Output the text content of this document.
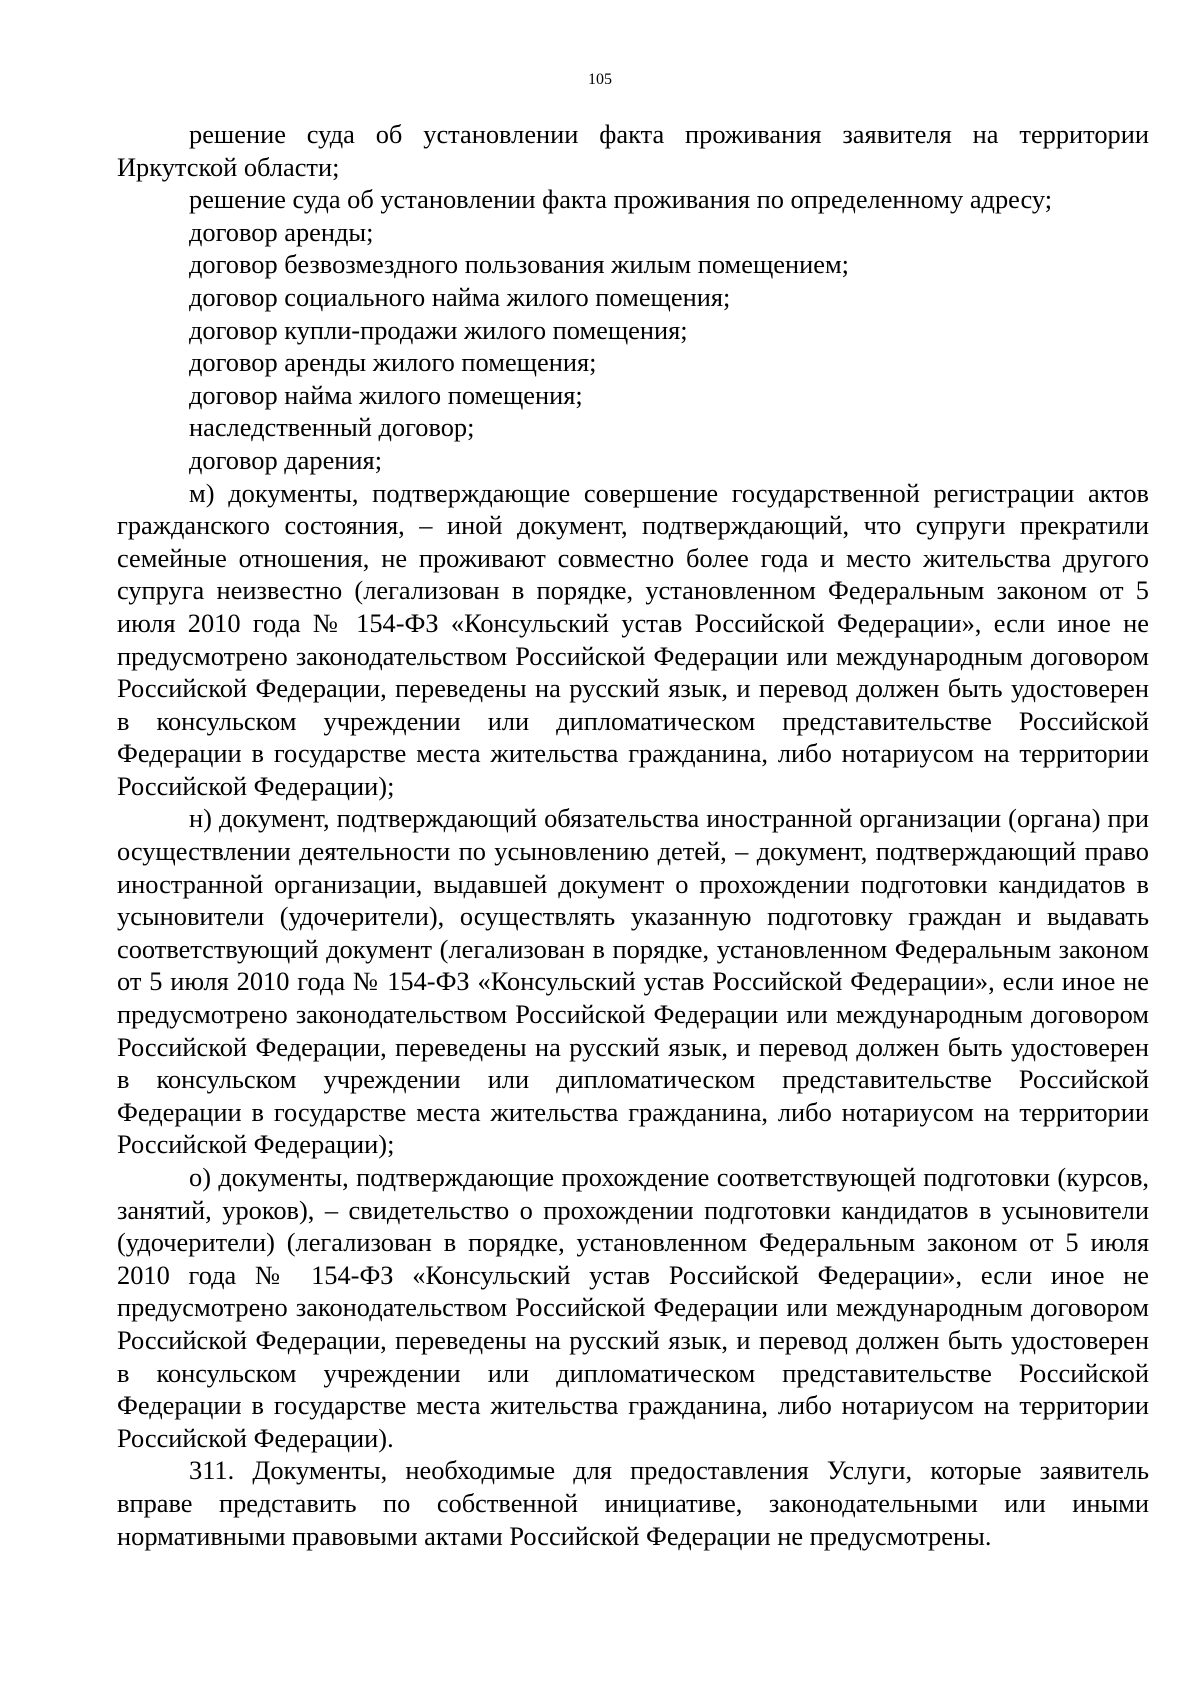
105

решение суда об установлении факта проживания заявителя на территории Иркутской области;

решение суда об установлении факта проживания по определенному адресу;

договор аренды;

договор безвозмездного пользования жилым помещением;

договор социального найма жилого помещения;

договор купли-продажи жилого помещения;

договор аренды жилого помещения;

договор найма жилого помещения;

наследственный договор;

договор дарения;

м) документы, подтверждающие совершение государственной регистрации актов гражданского состояния, – иной документ, подтверждающий, что супруги прекратили семейные отношения, не проживают совместно более года и место жительства другого супруга неизвестно (легализован в порядке, установленном Федеральным законом от 5 июля 2010 года № 154-ФЗ «Консульский устав Российской Федерации», если иное не предусмотрено законодательством Российской Федерации или международным договором Российской Федерации, переведены на русский язык, и перевод должен быть удостоверен в консульском учреждении или дипломатическом представительстве Российской Федерации в государстве места жительства гражданина, либо нотариусом на территории Российской Федерации);

н) документ, подтверждающий обязательства иностранной организации (органа) при осуществлении деятельности по усыновлению детей, – документ, подтверждающий право иностранной организации, выдавшей документ о прохождении подготовки кандидатов в усыновители (удочерители), осуществлять указанную подготовку граждан и выдавать соответствующий документ (легализован в порядке, установленном Федеральным законом от 5 июля 2010 года № 154-ФЗ «Консульский устав Российской Федерации», если иное не предусмотрено законодательством Российской Федерации или международным договором Российской Федерации, переведены на русский язык, и перевод должен быть удостоверен в консульском учреждении или дипломатическом представительстве Российской Федерации в государстве места жительства гражданина, либо нотариусом на территории Российской Федерации);

о) документы, подтверждающие прохождение соответствующей подготовки (курсов, занятий, уроков), – свидетельство о прохождении подготовки кандидатов в усыновители (удочерители) (легализован в порядке, установленном Федеральным законом от 5 июля 2010 года № 154-ФЗ «Консульский устав Российской Федерации», если иное не предусмотрено законодательством Российской Федерации или международным договором Российской Федерации, переведены на русский язык, и перевод должен быть удостоверен в консульском учреждении или дипломатическом представительстве Российской Федерации в государстве места жительства гражданина, либо нотариусом на территории Российской Федерации).

311. Документы, необходимые для предоставления Услуги, которые заявитель вправе представить по собственной инициативе, законодательными или иными нормативными правовыми актами Российской Федерации не предусмотрены.
